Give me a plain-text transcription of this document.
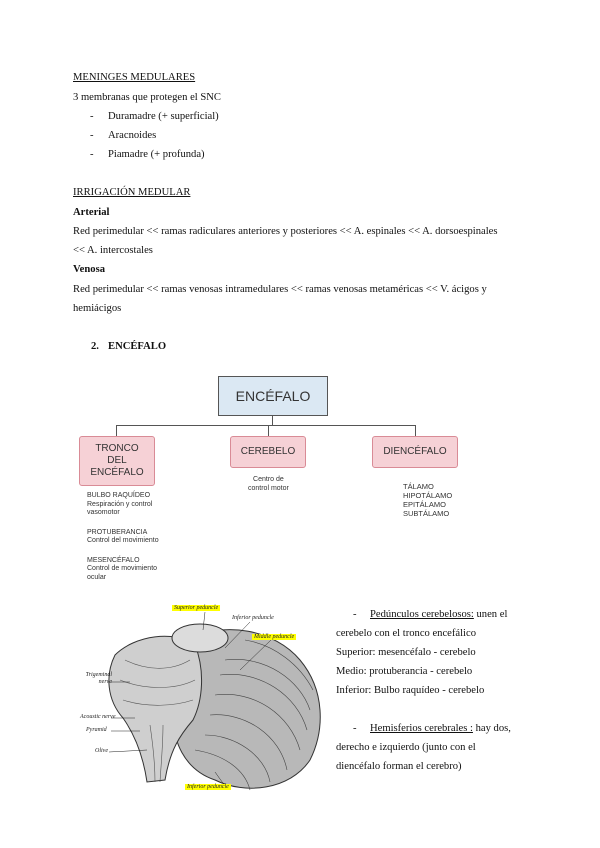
MENINGES MEDULARES
3 membranas que protegen el SNC
- Duramadre (+ superficial)
- Aracnoides
- Piamadre (+ profunda)
IRRIGACIÓN MEDULAR
Arterial
Red perimedular << ramas radiculares anteriores y posteriores << A. espinales << A. dorsoespinales
<< A. intercostales
Venosa
Red perimedular << ramas venosas intramedulares << ramas venosas metaméricas << V. ácigos y
hemiácigos
2. ENCÉFALO
ENCÉFALO
TRONCO
DEL
ENCÉFALO
CEREBELO	DIENCÉFALO
BULBO RAQUÍDEO
Respiración y control
vasomotor
PROTUBERANCIA
Control del movimiento
MESENCÉFALO
Control de movimiento
ocular
Centro de
control motor	TÁLAMO
HIPOTÁLAMO
EPITÁLAMO
SUBTÁLAMO
Superior peduncle
Inferior peduncle
Middle peduncle
Trigeminal nerve
Acoustic nerve
Pyramid
Olive
Inferior peduncle
- Pedúnculos cerebelosos: unen el
cerebelo con el tronco encefálico
Superior: mesencéfalo - cerebelo
Medio: protuberancia - cerebelo
Inferior: Bulbo raquídeo - cerebelo
- Hemisferios cerebrales : hay dos,
derecho e izquierdo (junto con el
diencéfalo forman el cerebro)
